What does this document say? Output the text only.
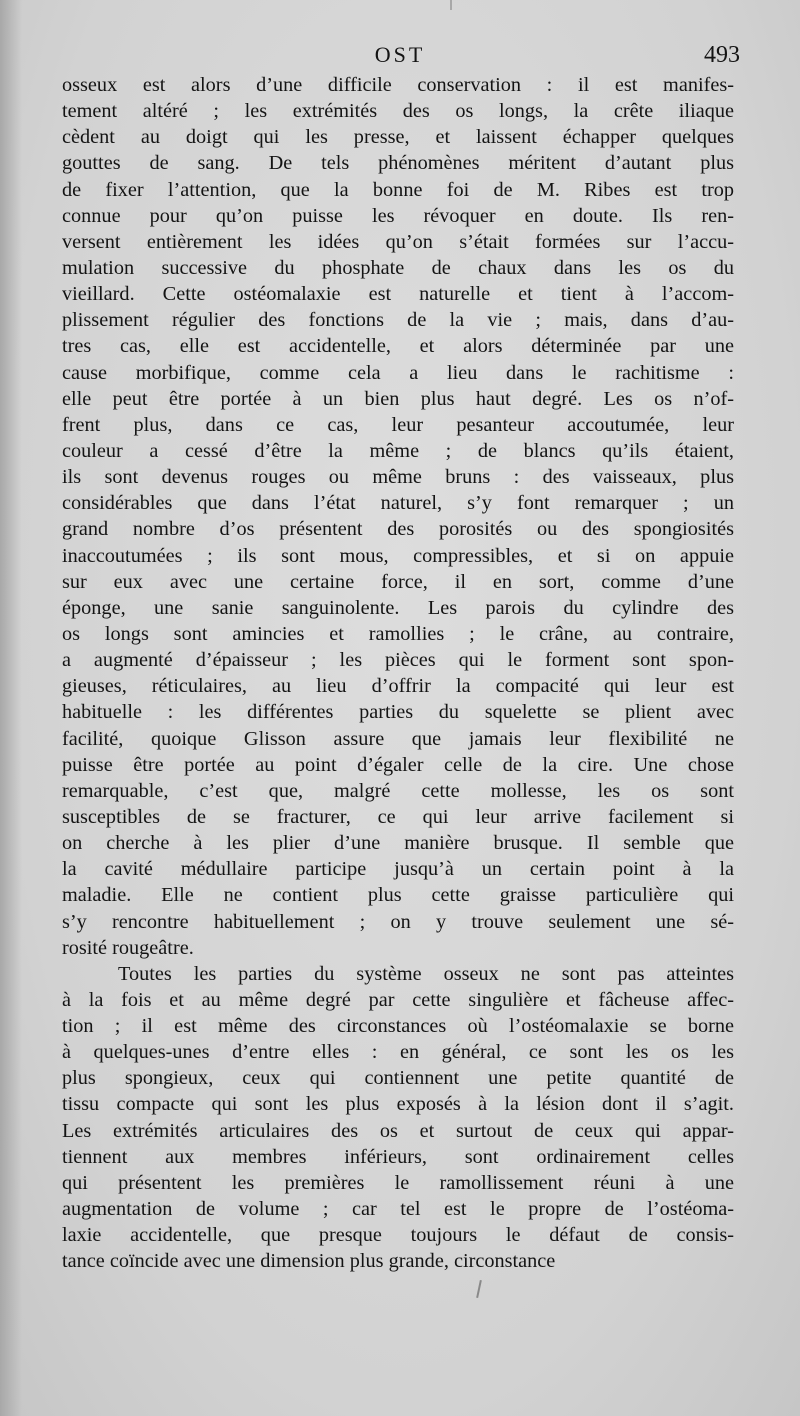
OST	493
osseux est alors d’une difficile conservation : il est manifes-
tement altéré ; les extrémités des os longs, la crête iliaque
cèdent au doigt qui les presse, et laissent échapper quelques
gouttes de sang. De tels phénomènes méritent d’autant plus
de fixer l’attention, que la bonne foi de M. Ribes est trop
connue pour qu’on puisse les révoquer en doute. Ils ren-
versent entièrement les idées qu’on s’était formées sur l’accu-
mulation successive du phosphate de chaux dans les os du
vieillard. Cette ostéomalaxie est naturelle et tient à l’accom-
plissement régulier des fonctions de la vie ; mais, dans d’au-
tres cas, elle est accidentelle, et alors déterminée par une
cause morbifique, comme cela a lieu dans le rachitisme :
elle peut être portée à un bien plus haut degré. Les os n’of-
frent plus, dans ce cas, leur pesanteur accoutumée, leur
couleur a cessé d’être la même ; de blancs qu’ils étaient,
ils sont devenus rouges ou même bruns : des vaisseaux, plus
considérables que dans l’état naturel, s’y font remarquer ; un
grand nombre d’os présentent des porosités ou des spongiosités
inaccoutumées ; ils sont mous, compressibles, et si on appuie
sur eux avec une certaine force, il en sort, comme d’une
éponge, une sanie sanguinolente. Les parois du cylindre des
os longs sont amincies et ramollies ; le crâne, au contraire,
a augmenté d’épaisseur ; les pièces qui le forment sont spon-
gieuses, réticulaires, au lieu d’offrir la compacité qui leur est
habituelle : les différentes parties du squelette se plient avec
facilité, quoique Glisson assure que jamais leur flexibilité ne
puisse être portée au point d’égaler celle de la cire. Une chose
remarquable, c’est que, malgré cette mollesse, les os sont
susceptibles de se fracturer, ce qui leur arrive facilement si
on cherche à les plier d’une manière brusque. Il semble que
la cavité médullaire participe jusqu’à un certain point à la
maladie. Elle ne contient plus cette graisse particulière qui
s’y rencontre habituellement ; on y trouve seulement une sé-
rosité rougeâtre.
Toutes les parties du système osseux ne sont pas atteintes
à la fois et au même degré par cette singulière et fâcheuse affec-
tion ; il est même des circonstances où l’ostéomalaxie se borne
à quelques-unes d’entre elles : en général, ce sont les os les
plus spongieux, ceux qui contiennent une petite quantité de
tissu compacte qui sont les plus exposés à la lésion dont il s’agit.
Les extrémités articulaires des os et surtout de ceux qui appar-
tiennent aux membres inférieurs, sont ordinairement celles
qui présentent les premières le ramollissement réuni à une
augmentation de volume ; car tel est le propre de l’ostéoma-
laxie accidentelle, que presque toujours le défaut de consis-
tance coïncide avec une dimension plus grande, circonstance
